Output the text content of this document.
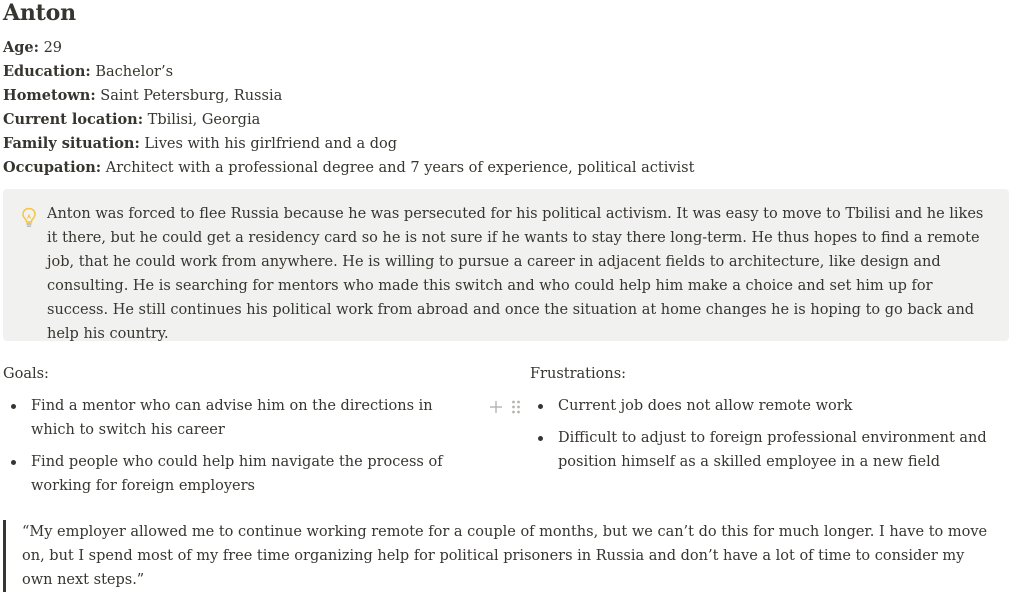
Anton
Age: 29
Education: Bachelor’s
Hometown: Saint Petersburg, Russia
Current location: Tbilisi, Georgia
Family situation: Lives with his girlfriend and a dog
Occupation: Architect with a professional degree and 7 years of experience, political activist
Anton was forced to flee Russia because he was persecuted for his political activism. It was easy to move to Tbilisi and he likes it there, but he could get a residency card so he is not sure if he wants to stay there long-term. He thus hopes to find a remote job, that he could work from anywhere. He is willing to pursue a career in adjacent fields to architecture, like design and consulting. He is searching for mentors who made this switch and who could help him make a choice and set him up for success. He still continues his political work from abroad and once the situation at home changes he is hoping to go back and help his country.

Goals:

Find a mentor who can advise him on the directions in which to switch his career
Find people who could help him navigate the process of working for foreign employers

Frustrations:

Current job does not allow remote work
Difficult to adjust to foreign professional environment and position himself as a skilled employee in a new field
“My employer allowed me to continue working remote for a couple of months, but we can’t do this for much longer. I have to move on, but I spend most of my free time organizing help for political prisoners in Russia and don’t have a lot of time to consider my own next steps.”
